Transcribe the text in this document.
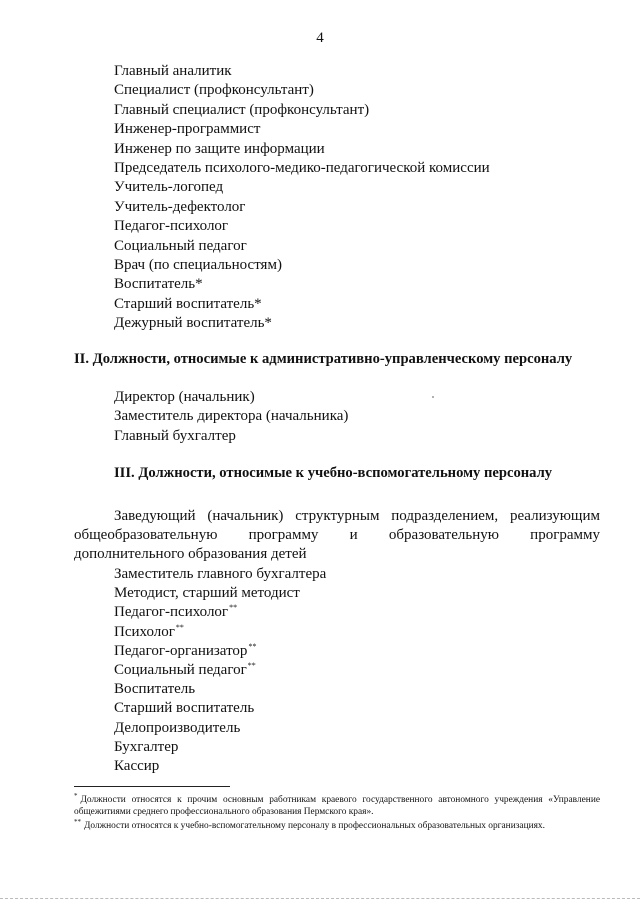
4
Главный аналитик
Специалист (профконсультант)
Главный специалист (профконсультант)
Инженер-программист
Инженер по защите информации
Председатель психолого-медико-педагогической комиссии
Учитель-логопед
Учитель-дефектолог
Педагог-психолог
Социальный педагог
Врач (по специальностям)
Воспитатель*
Старший воспитатель*
Дежурный воспитатель*
II. Должности, относимые к административно-управленческому персоналу
Директор (начальник)
Заместитель директора (начальника)
Главный бухгалтер
III. Должности, относимые к учебно-вспомогательному персоналу

Заведующий (начальник) структурным подразделением, реализующим общеобразовательную программу и образовательную программу дополнительного образования детей

Заместитель главного бухгалтера
Методист, старший методист
Педагог-психолог**
Психолог**
Педагог-организатор**
Социальный педагог**
Воспитатель
Старший воспитатель
Делопроизводитель
Бухгалтер
Кассир

* Должности относятся к прочим основным работникам краевого государственного автономного учреждения «Управление общежитиями среднего профессионального образования Пермского края».

** Должности относятся к учебно-вспомогательному персоналу в профессиональных образовательных организациях.
